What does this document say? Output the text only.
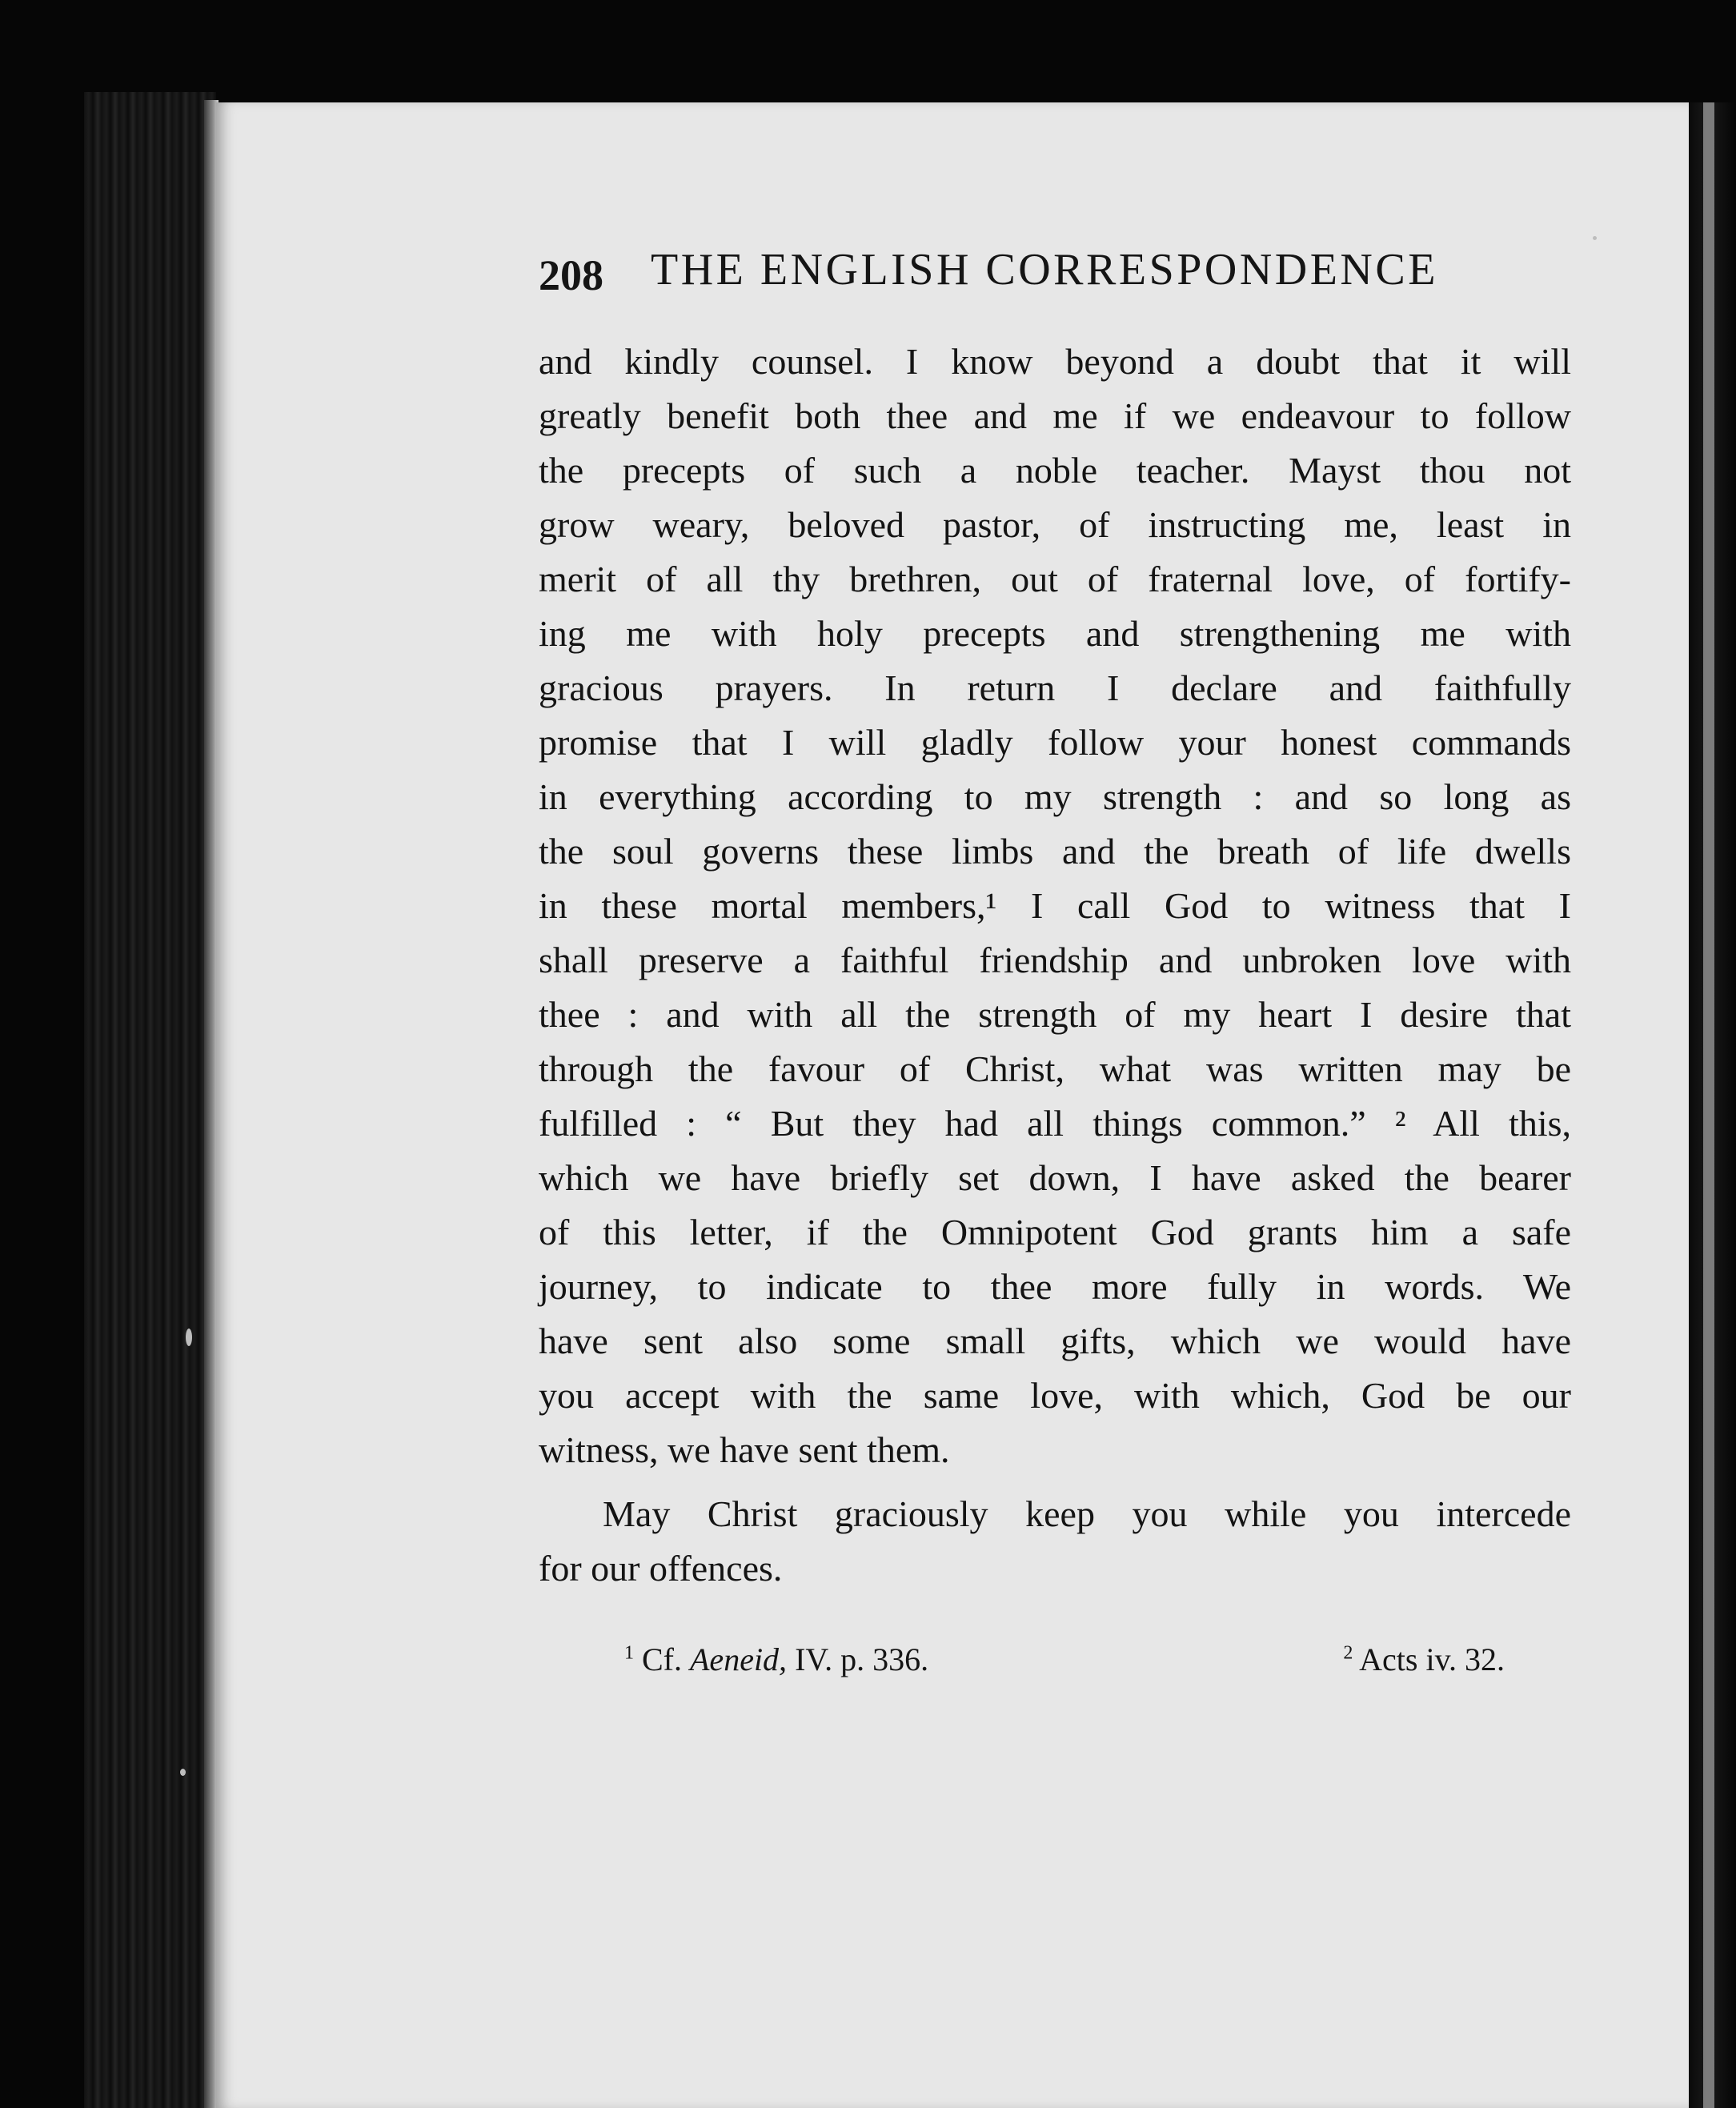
208 THE ENGLISH CORRESPONDENCE
and kindly counsel. I know beyond a doubt that it will
greatly benefit both thee and me if we endeavour to follow
the precepts of such a noble teacher. Mayst thou not
grow weary, beloved pastor, of instructing me, least in
merit of all thy brethren, out of fraternal love, of fortify-
ing me with holy precepts and strengthening me with
gracious prayers. In return I declare and faithfully
promise that I will gladly follow your honest commands
in everything according to my strength : and so long as
the soul governs these limbs and the breath of life dwells
in these mortal members,¹ I call God to witness that I
shall preserve a faithful friendship and unbroken love with
thee : and with all the strength of my heart I desire that
through the favour of Christ, what was written may be
fulfilled : “ But they had all things common.” ² All this,
which we have briefly set down, I have asked the bearer
of this letter, if the Omnipotent God grants him a safe
journey, to indicate to thee more fully in words. We
have sent also some small gifts, which we would have
you accept with the same love, with which, God be our
witness, we have sent them.
May Christ graciously keep you while you intercede
for our offences.
$^1$ Cf. Aeneid, IV. p. 336.	$^2$ Acts iv. 32.
